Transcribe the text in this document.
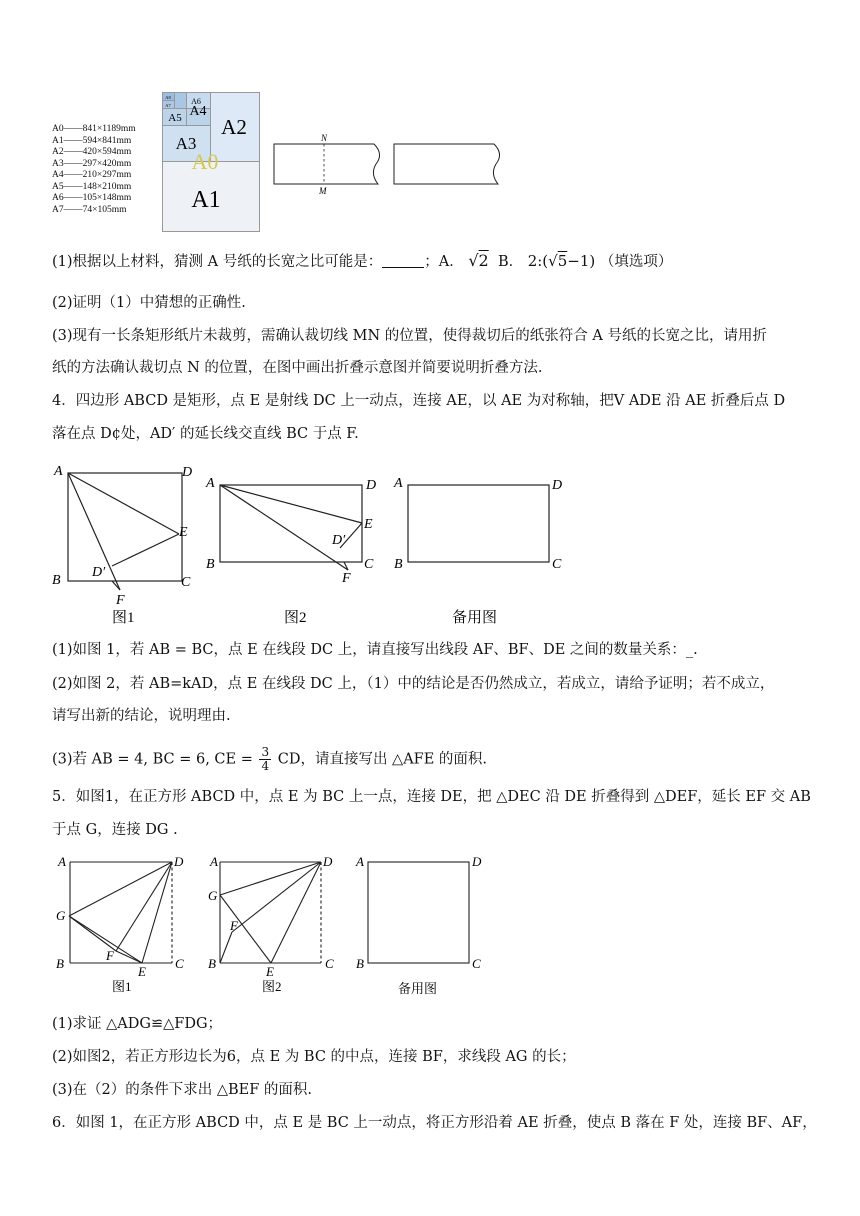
A0——841×1189mm
A1——594×841mm
A2——420×594mm
A3——297×420mm
A4——210×297mm
A5——148×210mm
A6——105×148mm
A7——74×105mm
A8
A7	A6
A5 A4
A3
A2
A0
A1
N
M
(1)根据以上材料，猜测 A 号纸的长宽之比可能是：	；A． √2 B． 2:(√5−1) （填选项）
(2)证明（1）中猜想的正确性.
(3)现有一长条矩形纸片未裁剪，需确认裁切线 MN 的位置，使得裁切后的纸张符合 A 号纸的长宽之比，请用折
纸的方法确认裁切点 N 的位置，在图中画出折叠示意图并简要说明折叠方法.
4．四边形 ABCD 是矩形，点 E 是射线 DC 上一动点，连接 AE，以 AE 为对称轴，把V ADE 沿 AE 折叠后点 D
落在点 D¢处，AD′ 的延长线交直线 BC 于点 F.
A	D
E
B	C
D′
F
A	D
E
B	C
D′
F
A	D
B	C
图1	图2	备用图
(1)如图 1，若 AB = BC，点 E 在线段 DC 上，请直接写出线段 AF、BF、DE 之间的数量关系：_.
(2)如图 2，若 AB=kAD，点 E 在线段 DC 上，（1）中的结论是否仍然成立，若成立，请给予证明；若不成立，
请写出新的结论，说明理由.
(3)若 AB = 4, BC = 6, CE = $\frac{3}{4}$ CD，请直接写出 △AFE 的面积.
5．如图1，在正方形 ABCD 中，点 E 为 BC 上一点，连接 DE，把 △DEC 沿 DE 折叠得到 △DEF，延长 EF 交 AB
于点 G，连接 DG .
A	D
G
B	C
F
E
A	D
G
F
B	C
E
A	D
B	C
图1	图2	备用图
(1)求证 △ADG≌△FDG；
(2)如图2，若正方形边长为6，点 E 为 BC 的中点，连接 BF，求线段 AG 的长；
(3)在（2）的条件下求出 △BEF 的面积.
6．如图 1，在正方形 ABCD 中，点 E 是 BC 上一动点，将正方形沿着 AE 折叠，使点 B 落在 F 处，连接 BF、AF，
